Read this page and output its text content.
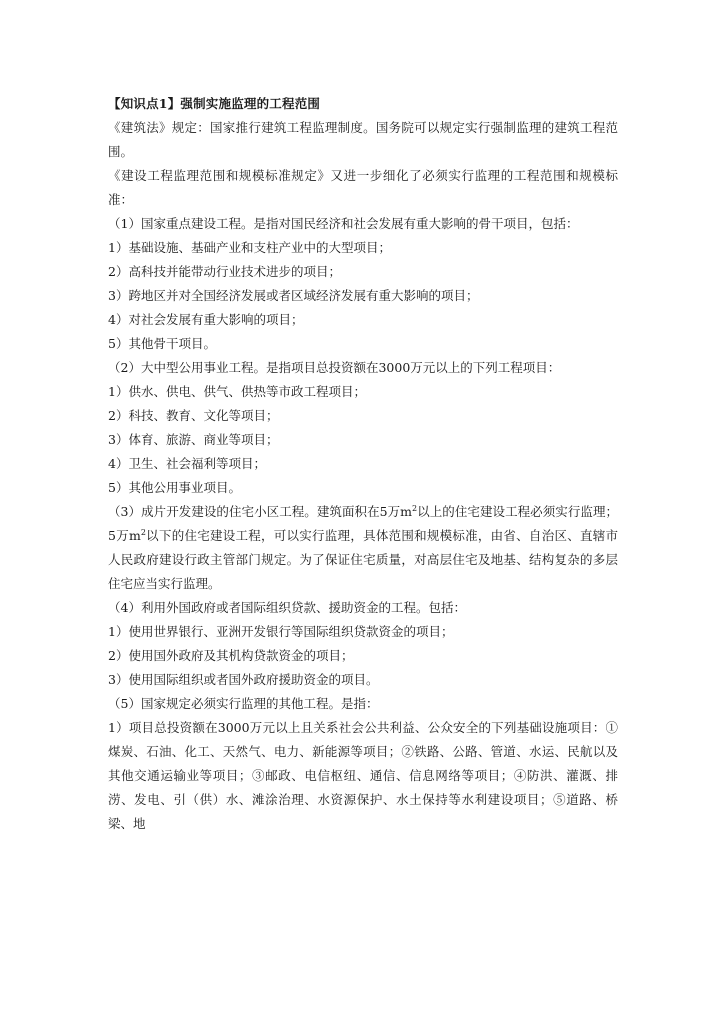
【知识点1】强制实施监理的工程范围

《建筑法》规定：国家推行建筑工程监理制度。国务院可以规定实行强制监理的建筑工程范围。

《建设工程监理范围和规模标准规定》又进一步细化了必须实行监理的工程范围和规模标准：

（1）国家重点建设工程。是指对国民经济和社会发展有重大影响的骨干项目，包括：

1）基础设施、基础产业和支柱产业中的大型项目；

2）高科技并能带动行业技术进步的项目；

3）跨地区并对全国经济发展或者区域经济发展有重大影响的项目；

4）对社会发展有重大影响的项目；

5）其他骨干项目。

（2）大中型公用事业工程。是指项目总投资额在3000万元以上的下列工程项目：

1）供水、供电、供气、供热等市政工程项目；

2）科技、教育、文化等项目；

3）体育、旅游、商业等项目；

4）卫生、社会福利等项目；

5）其他公用事业项目。

（3）成片开发建设的住宅小区工程。建筑面积在5万$m^2$以上的住宅建设工程必须实行监理；5万$m^2$以下的住宅建设工程，可以实行监理，具体范围和规模标准，由省、自治区、直辖市人民政府建设行政主管部门规定。为了保证住宅质量，对高层住宅及地基、结构复杂的多层住宅应当实行监理。

（4）利用外国政府或者国际组织贷款、援助资金的工程。包括：

1）使用世界银行、亚洲开发银行等国际组织贷款资金的项目；

2）使用国外政府及其机构贷款资金的项目；

3）使用国际组织或者国外政府援助资金的项目。

（5）国家规定必须实行监理的其他工程。是指：

1）项目总投资额在3000万元以上且关系社会公共利益、公众安全的下列基础设施项目：①煤炭、石油、化工、天然气、电力、新能源等项目；②铁路、公路、管道、水运、民航以及其他交通运输业等项目；③邮政、电信枢纽、通信、信息网络等项目；④防洪、灌溉、排涝、发电、引（供）水、滩涂治理、水资源保护、水土保持等水利建设项目；⑤道路、桥梁、地
